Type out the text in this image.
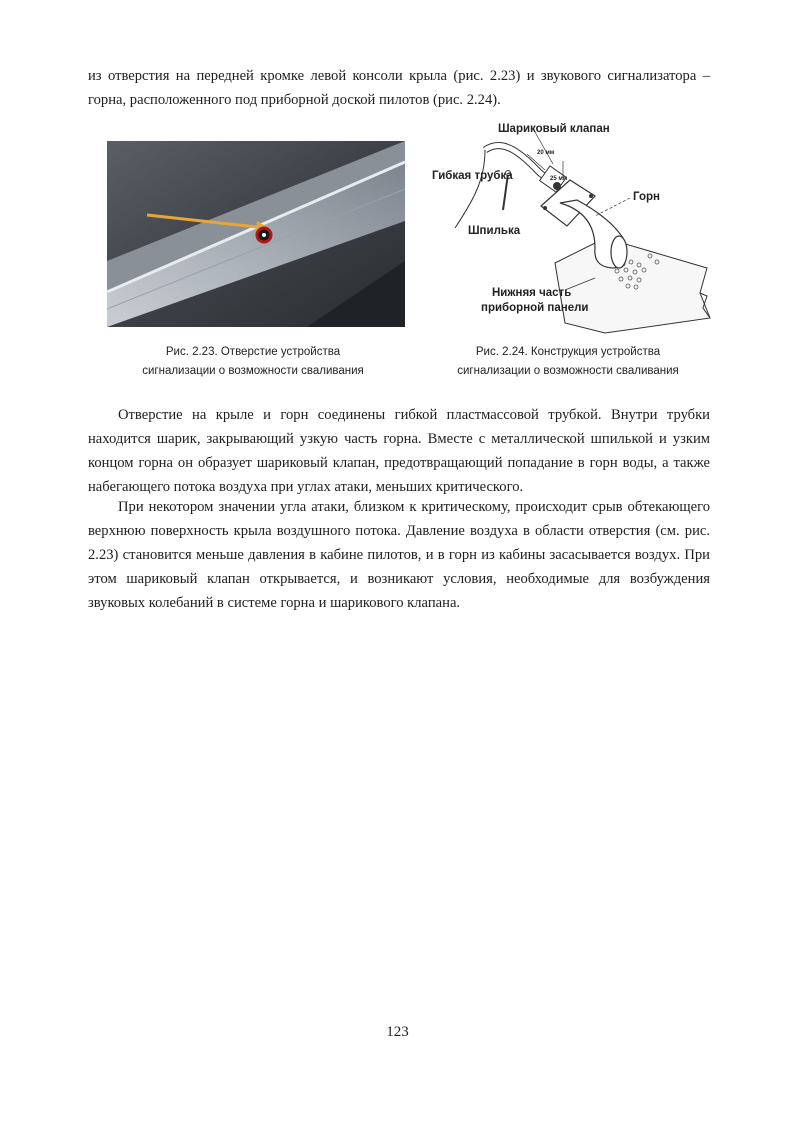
из отверстия на передней кромке левой консоли крыла (рис. 2.23) и звукового сигнализатора – горна, расположенного под приборной доской пилотов (рис. 2.24).

Рис. 2.23. Отверстие устройства
сигнализации о возможности сваливания
Шариковый клапан
20 мм
25 мм
Гибкая трубка
Горн
Шпилька
Нижняя часть
приборной панели
Рис. 2.24. Конструкция устройства
сигнализации о возможности сваливания

Отверстие на крыле и горн соединены гибкой пластмассовой трубкой. Внутри трубки находится шарик, закрывающий узкую часть горна. Вместе с металлической шпилькой и узким концом горна он образует шариковый клапан, предотвращающий попадание в горн воды, а также набегающего потока воздуха при углах атаки, меньших критического.

При некотором значении угла атаки, близком к критическому, происходит срыв обтекающего верхнюю поверхность крыла воздушного потока. Давление воздуха в области отверстия (см. рис. 2.23) становится меньше давления в кабине пилотов, и в горн из кабины засасывается воздух. При этом шариковый клапан открывается, и возникают условия, необходимые для возбуждения звуковых колебаний в системе горна и шарикового клапана.

123
